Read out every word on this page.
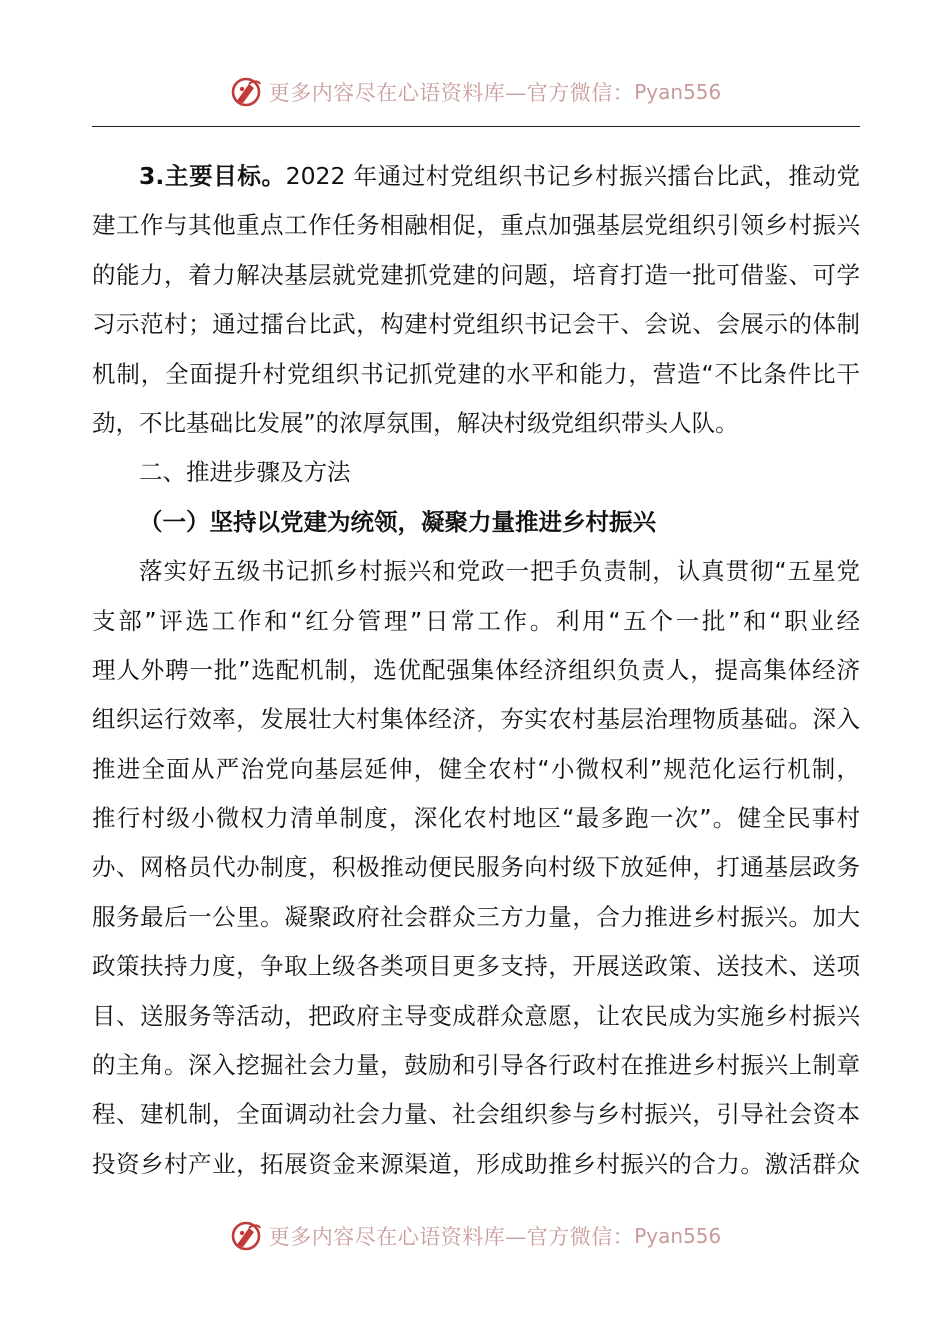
更多内容尽在心语资料库—官方微信： Pyan556
3.主要目标。2022 年通过村党组织书记乡村振兴擂台比武，推动党
建工作与其他重点工作任务相融相促，重点加强基层党组织引领乡村振兴
的能力，着力解决基层就党建抓党建的问题，培育打造一批可借鉴、可学
习示范村；通过擂台比武，构建村党组织书记会干、会说、会展示的体制
机制，全面提升村党组织书记抓党建的水平和能力，营造“不比条件比干
劲，不比基础比发展”的浓厚氛围，解决村级党组织带头人队。
二、推进步骤及方法
（一）坚持以党建为统领，凝聚力量推进乡村振兴
落实好五级书记抓乡村振兴和党政一把手负责制，认真贯彻“五星党
支部”评选工作和“红分管理”日常工作。利用“五个一批”和“职业经
理人外聘一批”选配机制，选优配强集体经济组织负责人，提高集体经济
组织运行效率，发展壮大村集体经济，夯实农村基层治理物质基础。深入
推进全面从严治党向基层延伸，健全农村“小微权利”规范化运行机制，
推行村级小微权力清单制度，深化农村地区“最多跑一次”。健全民事村
办、网格员代办制度，积极推动便民服务向村级下放延伸，打通基层政务
服务最后一公里。凝聚政府社会群众三方力量，合力推进乡村振兴。加大
政策扶持力度，争取上级各类项目更多支持，开展送政策、送技术、送项
目、送服务等活动，把政府主导变成群众意愿，让农民成为实施乡村振兴
的主角。深入挖掘社会力量，鼓励和引导各行政村在推进乡村振兴上制章
程、建机制，全面调动社会力量、社会组织参与乡村振兴，引导社会资本
投资乡村产业，拓展资金来源渠道，形成助推乡村振兴的合力。激活群众
更多内容尽在心语资料库—官方微信： Pyan556
